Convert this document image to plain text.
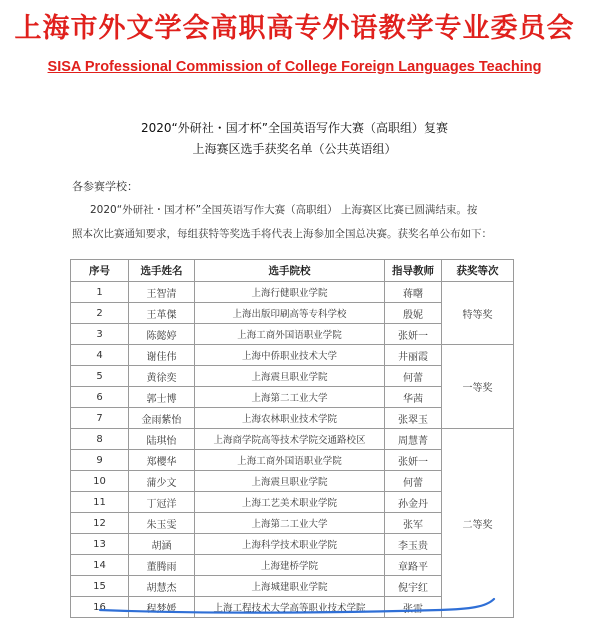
上海市外文学会高职高专外语教学专业委员会
SISA Professional Commission of College Foreign Languages Teaching
2020“外研社・国才杯”全国英语写作大赛（高职组）复赛
上海赛区选手获奖名单（公共英语组）
各参赛学校：
2020“外研社・国才杯”全国英语写作大赛（高职组） 上海赛区比赛已圆满结束。按
照本次比赛通知要求，每组获特等奖选手将代表上海参加全国总决赛。获奖名单公布如下：
序号	选手姓名	选手院校	指导教师	获奖等次
1	王智清	上海行健职业学院	蒋曙	特等奖
2	王革傑	上海出版印刷高等专科学校	殷妮	
3	陈懿婷	上海工商外国语职业学院	张妍一	
4	谢佳伟	上海中侨职业技术大学	井丽霞	一等奖
5	黄徐奕	上海震旦职业学院	何蕾	
6	郭士博	上海第二工业大学	华茜	
7	金雨紫怡	上海农林职业技术学院	张翠玉	
8	陆琪怡	上海商学院高等技术学院交通路校区	周慧菁	二等奖
9	郑樱华	上海工商外国语职业学院	张妍一	
10	蒲少文	上海震旦职业学院	何蕾	
11	丁冠洋	上海工艺美术职业学院	孙金丹	
12	朱玉雯	上海第二工业大学	张军	
13	胡涵	上海科学技术职业学院	李玉贵	
14	董腾雨	上海建桥学院	章路平	
15	胡慧杰	上海城建职业学院	倪宇红	
16	程梦媛	上海工程技术大学高等职业技术学院	张雷	
